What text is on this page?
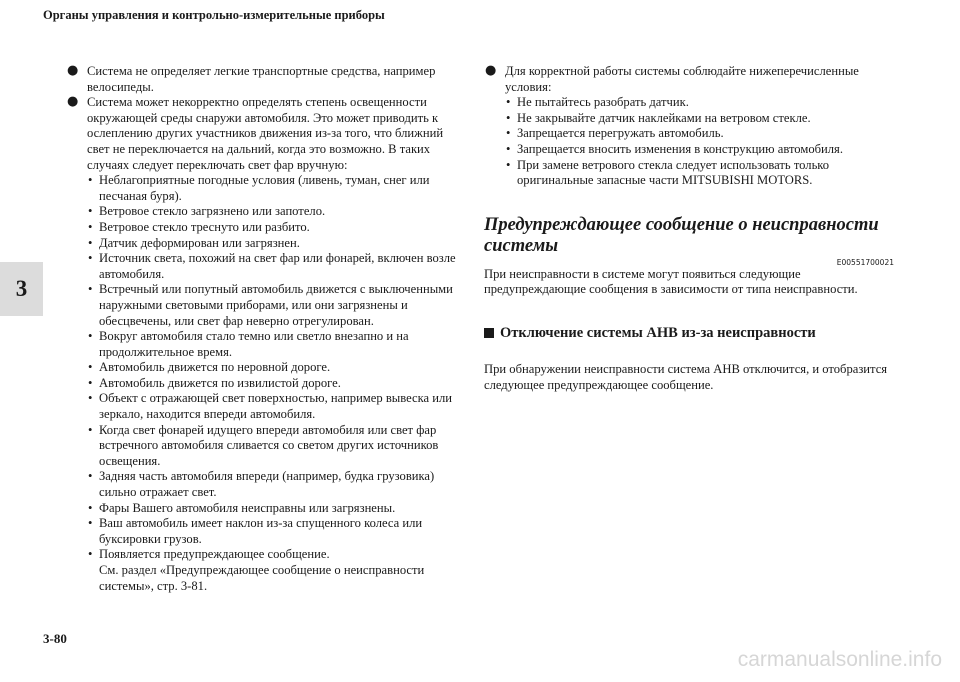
Органы управления и контрольно-измерительные приборы
3
● Система не определяет легкие транспортные средства, например велосипеды.
● Система может некорректно определять степень освещенности окружающей среды снаружи автомобиля. Это может приводить к ослеплению других участников движения из-за того, что ближний свет не переключается на дальний, когда это возможно. В таких случаях следует переключать свет фар вручную:
• Неблагоприятные погодные условия (ливень, туман, снег или песчаная буря).
• Ветровое стекло загрязнено или запотело.
• Ветровое стекло треснуто или разбито.
• Датчик деформирован или загрязнен.
• Источник света, похожий на свет фар или фонарей, включен возле автомобиля.
• Встречный или попутный автомобиль движется с выключенными наружными световыми приборами, или они загрязнены и обесцвечены, или свет фар неверно отрегулирован.
• Вокруг автомобиля стало темно или светло внезапно и на продолжительное время.
• Автомобиль движется по неровной дороге.
• Автомобиль движется по извилистой дороге.
• Объект с отражающей свет поверхностью, например вывеска или зеркало, находится впереди автомобиля.
• Когда свет фонарей идущего впереди автомобиля или свет фар встречного автомобиля сливается со светом других источников освещения.
• Задняя часть автомобиля впереди (например, будка грузовика) сильно отражает свет.
• Фары Вашего автомобиля неисправны или загрязнены.
• Ваш автомобиль имеет наклон из-за спущенного колеса или буксировки грузов.
• Появляется предупреждающее сообщение.
См. раздел «Предупреждающее сообщение о неисправности системы», стр. 3-81.
● Для корректной работы системы соблюдайте нижеперечисленные условия:
• Не пытайтесь разобрать датчик.
• Не закрывайте датчик наклейками на ветровом стекле.
• Запрещается перегружать автомобиль.
• Запрещается вносить изменения в конструкцию автомобиля.
• При замене ветрового стекла следует использовать только оригинальные запасные части MITSUBISHI MOTORS.
Предупреждающее сообщение о неисправности системы
E00551700021
При неисправности в системе могут появиться следующие предупреждающие сообщения в зависимости от типа неисправности.
Отключение системы AHB из-за неисправности
При обнаружении неисправности система AHB отключится, и отобразится следующее предупреждающее сообщение.
3-80
carmanualsonline.info
